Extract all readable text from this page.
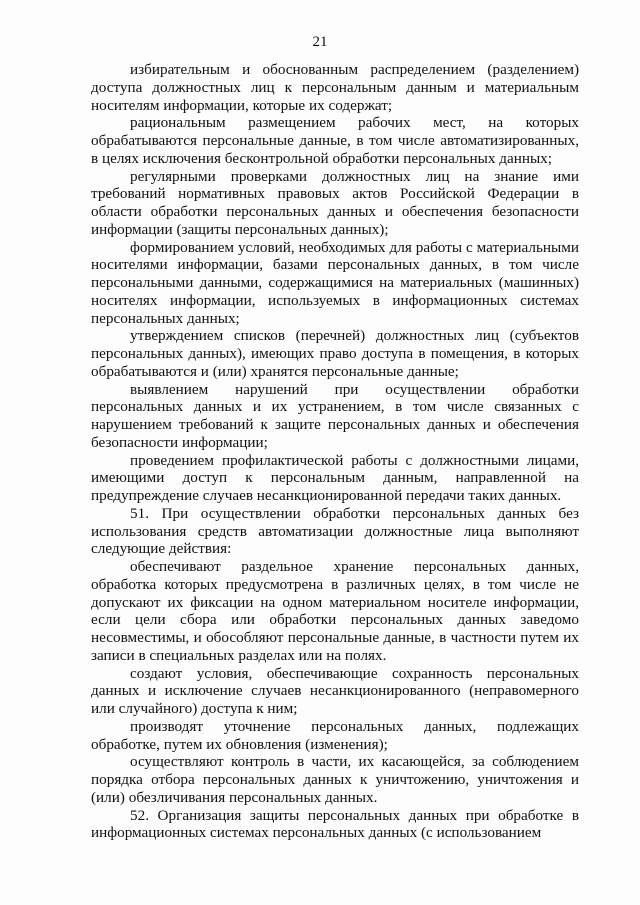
21

избирательным и обоснованным распределением (разделением) доступа должностных лиц к персональным данным и материальным носителям информации, которые их содержат;

рациональным размещением рабочих мест, на которых обрабатываются персональные данные, в том числе автоматизированных, в целях исключения бесконтрольной обработки персональных данных;

регулярными проверками должностных лиц на знание ими требований нормативных правовых актов Российской Федерации в области обработки персональных данных и обеспечения безопасности информации (защиты персональных данных);

формированием условий, необходимых для работы с материальными носителями информации, базами персональных данных, в том числе персональными данными, содержащимися на материальных (машинных) носителях информации, используемых в информационных системах персональных данных;

утверждением списков (перечней) должностных лиц (субъектов персональных данных), имеющих право доступа в помещения, в которых обрабатываются и (или) хранятся персональные данные;

выявлением нарушений при осуществлении обработки персональных данных и их устранением, в том числе связанных с нарушением требований к защите персональных данных и обеспечения безопасности информации;

проведением профилактической работы с должностными лицами, имеющими доступ к персональным данным, направленной на предупреждение случаев несанкционированной передачи таких данных.

51. При осуществлении обработки персональных данных без использования средств автоматизации должностные лица выполняют следующие действия:

обеспечивают раздельное хранение персональных данных, обработка которых предусмотрена в различных целях, в том числе не допускают их фиксации на одном материальном носителе информации, если цели сбора или обработки персональных данных заведомо несовместимы, и обособляют персональные данные, в частности путем их записи в специальных разделах или на полях.

создают условия, обеспечивающие сохранность персональных данных и исключение случаев несанкционированного (неправомерного или случайного) доступа к ним;

производят уточнение персональных данных, подлежащих обработке, путем их обновления (изменения);

осуществляют контроль в части, их касающейся, за соблюдением порядка отбора персональных данных к уничтожению, уничтожения и (или) обезличивания персональных данных.

52. Организация защиты персональных данных при обработке в информационных системах персональных данных (с использованием
